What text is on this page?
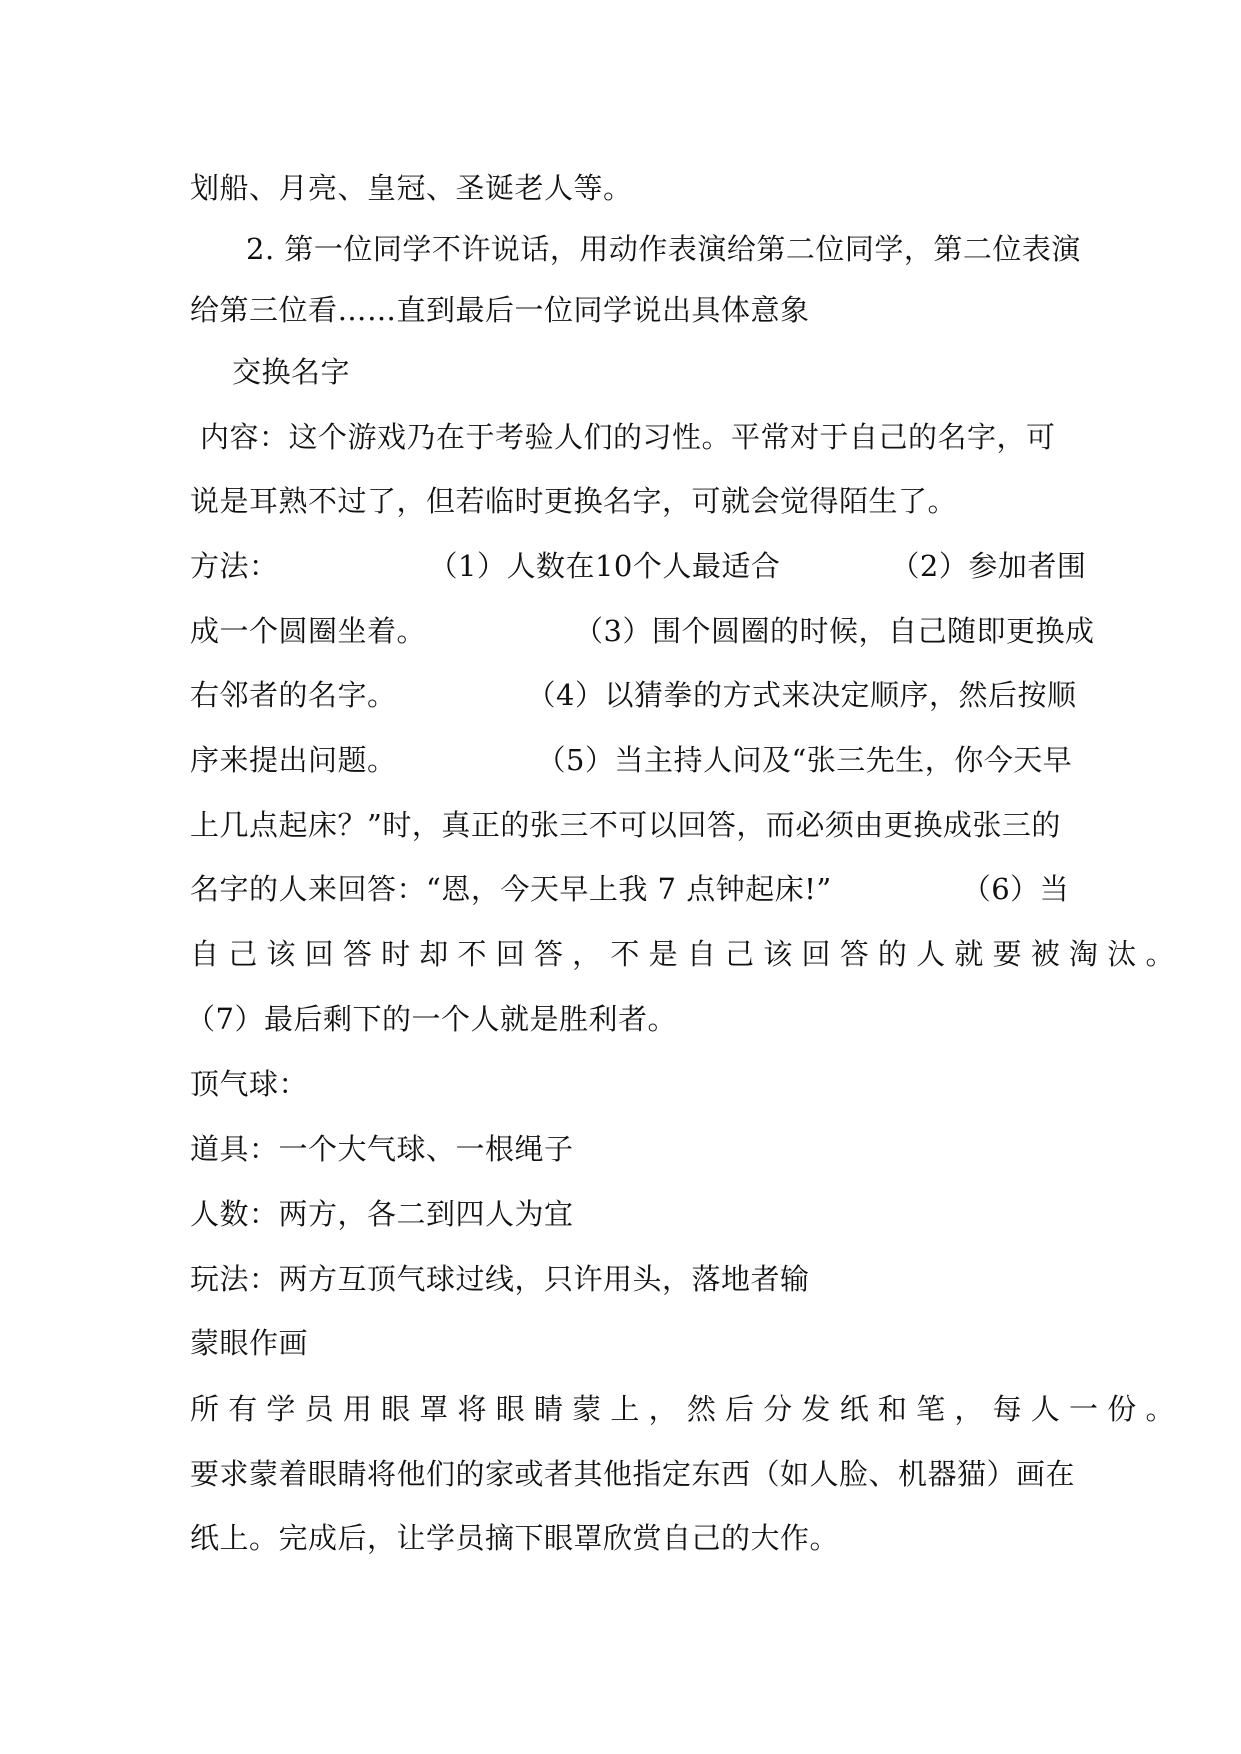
划船、月亮、皇冠、圣诞老人等。
2. 第一位同学不许说话，用动作表演给第二位同学，第二位表演
给第三位看……直到最后一位同学说出具体意象
交换名字
内容：这个游戏乃在于考验人们的习性。平常对于自己的名字，可
说是耳熟不过了，但若临时更换名字，可就会觉得陌生了。
方法：	（1）人数在10个人最适合	（2）参加者围
成一个圆圈坐着。	（3）围个圆圈的时候，自己随即更换成
右邻者的名字。	（4）以猜拳的方式来决定顺序，然后按顺
序来提出问题。	（5）当主持人问及“张三先生，你今天早
上几点起床？”时，真正的张三不可以回答，而必须由更换成张三的
名字的人来回答：“恩，今天早上我 7 点钟起床!”	（6）当
自 己 该 回 答 时 却 不 回 答 ， 不 是 自 己 该 回 答 的 人 就 要 被 淘 汰 。
（7）最后剩下的一个人就是胜利者。
顶气球：
道具：一个大气球、一根绳子
人数：两方，各二到四人为宜
玩法：两方互顶气球过线，只许用头，落地者输
蒙眼作画
所 有 学 员 用 眼 罩 将 眼 睛 蒙 上 ， 然 后 分 发 纸 和 笔 ， 每 人 一 份 。
要求蒙着眼睛将他们的家或者其他指定东西（如人脸、机器猫）画在
纸上。完成后，让学员摘下眼罩欣赏自己的大作。
